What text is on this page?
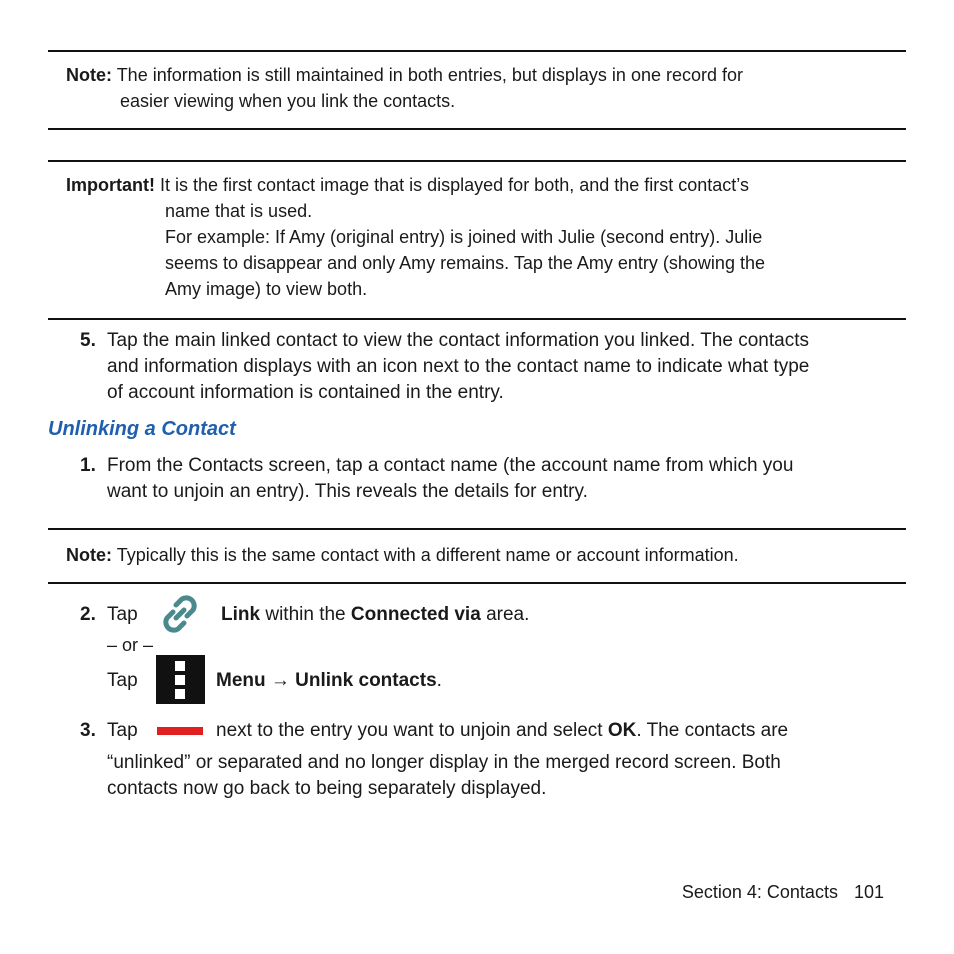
Note: The information is still maintained in both entries, but displays in one record for
easier viewing when you link the contacts.
Important! It is the first contact image that is displayed for both, and the first contact’s
name that is used.
For example: If Amy (original entry) is joined with Julie (second entry). Julie
seems to disappear and only Amy remains. Tap the Amy entry (showing the
Amy image) to view both.
5. Tap the main linked contact to view the contact information you linked. The contacts
and information displays with an icon next to the contact name to indicate what type
of account information is contained in the entry.
Unlinking a Contact
1. From the Contacts screen, tap a contact name (the account name from which you
want to unjoin an entry). This reveals the details for entry.
Note: Typically this is the same contact with a different name or account information.
2. Tap	Link within the Connected via area.
– or –
Tap	Menu → Unlink contacts.
3. Tap	next to the entry you want to unjoin and select OK. The contacts are
“unlinked” or separated and no longer display in the merged record screen. Both
contacts now go back to being separately displayed.
Section 4: Contacts 101
